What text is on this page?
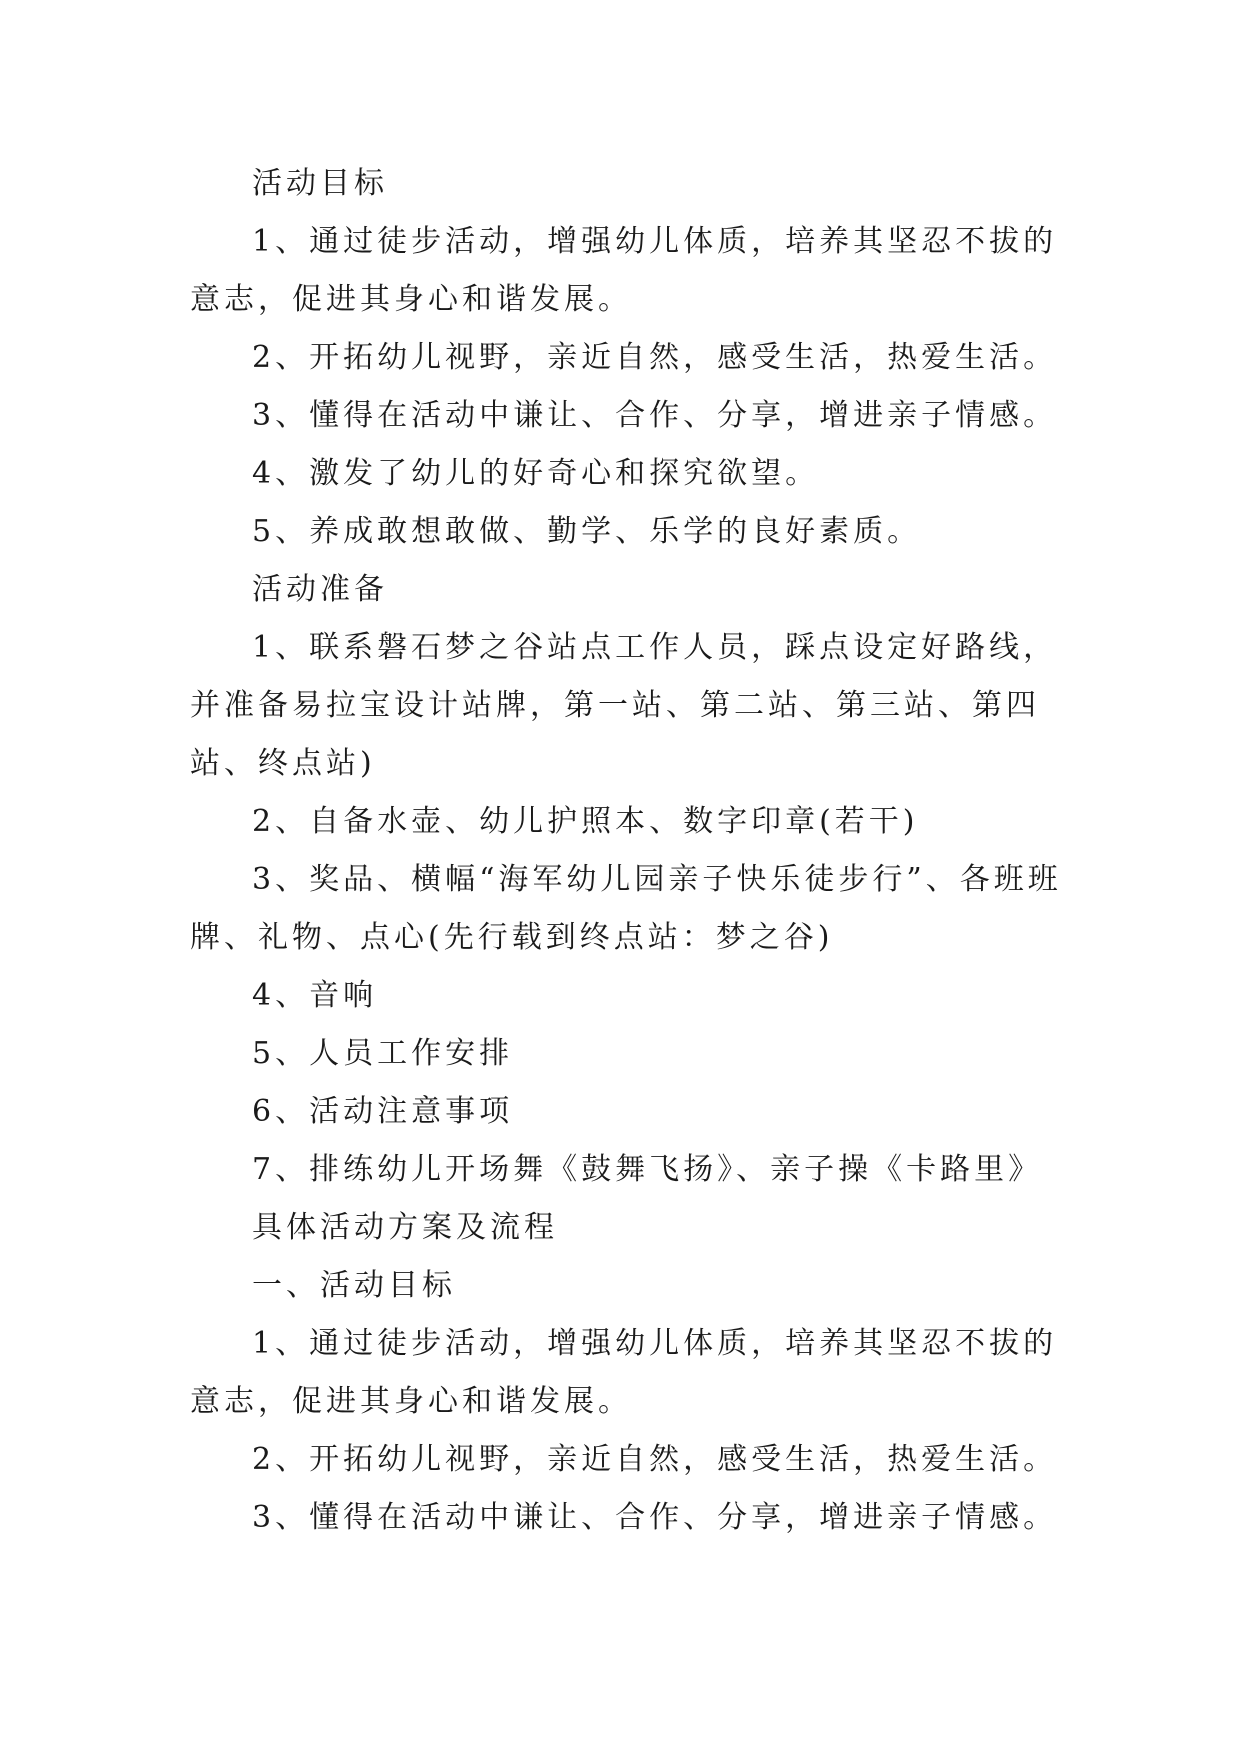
活动目标

1、通过徒步活动，增强幼儿体质，培养其坚忍不拔的意志，促进其身心和谐发展。

2、开拓幼儿视野，亲近自然，感受生活，热爱生活。

3、懂得在活动中谦让、合作、分享，增进亲子情感。

4、激发了幼儿的好奇心和探究欲望。

5、养成敢想敢做、勤学、乐学的良好素质。

活动准备

1、联系磐石梦之谷站点工作人员，踩点设定好路线，并准备易拉宝设计站牌，第一站、第二站、第三站、第四站、终点站)

2、自备水壶、幼儿护照本、数字印章(若干)

3、奖品、横幅“海军幼儿园亲子快乐徒步行”、各班班牌、礼物、点心(先行载到终点站：梦之谷)

4、音响

5、人员工作安排

6、活动注意事项

7、排练幼儿开场舞《鼓舞飞扬》、亲子操《卡路里》

具体活动方案及流程

一、活动目标

1、通过徒步活动，增强幼儿体质，培养其坚忍不拔的意志，促进其身心和谐发展。

2、开拓幼儿视野，亲近自然，感受生活，热爱生活。

3、懂得在活动中谦让、合作、分享，增进亲子情感。
